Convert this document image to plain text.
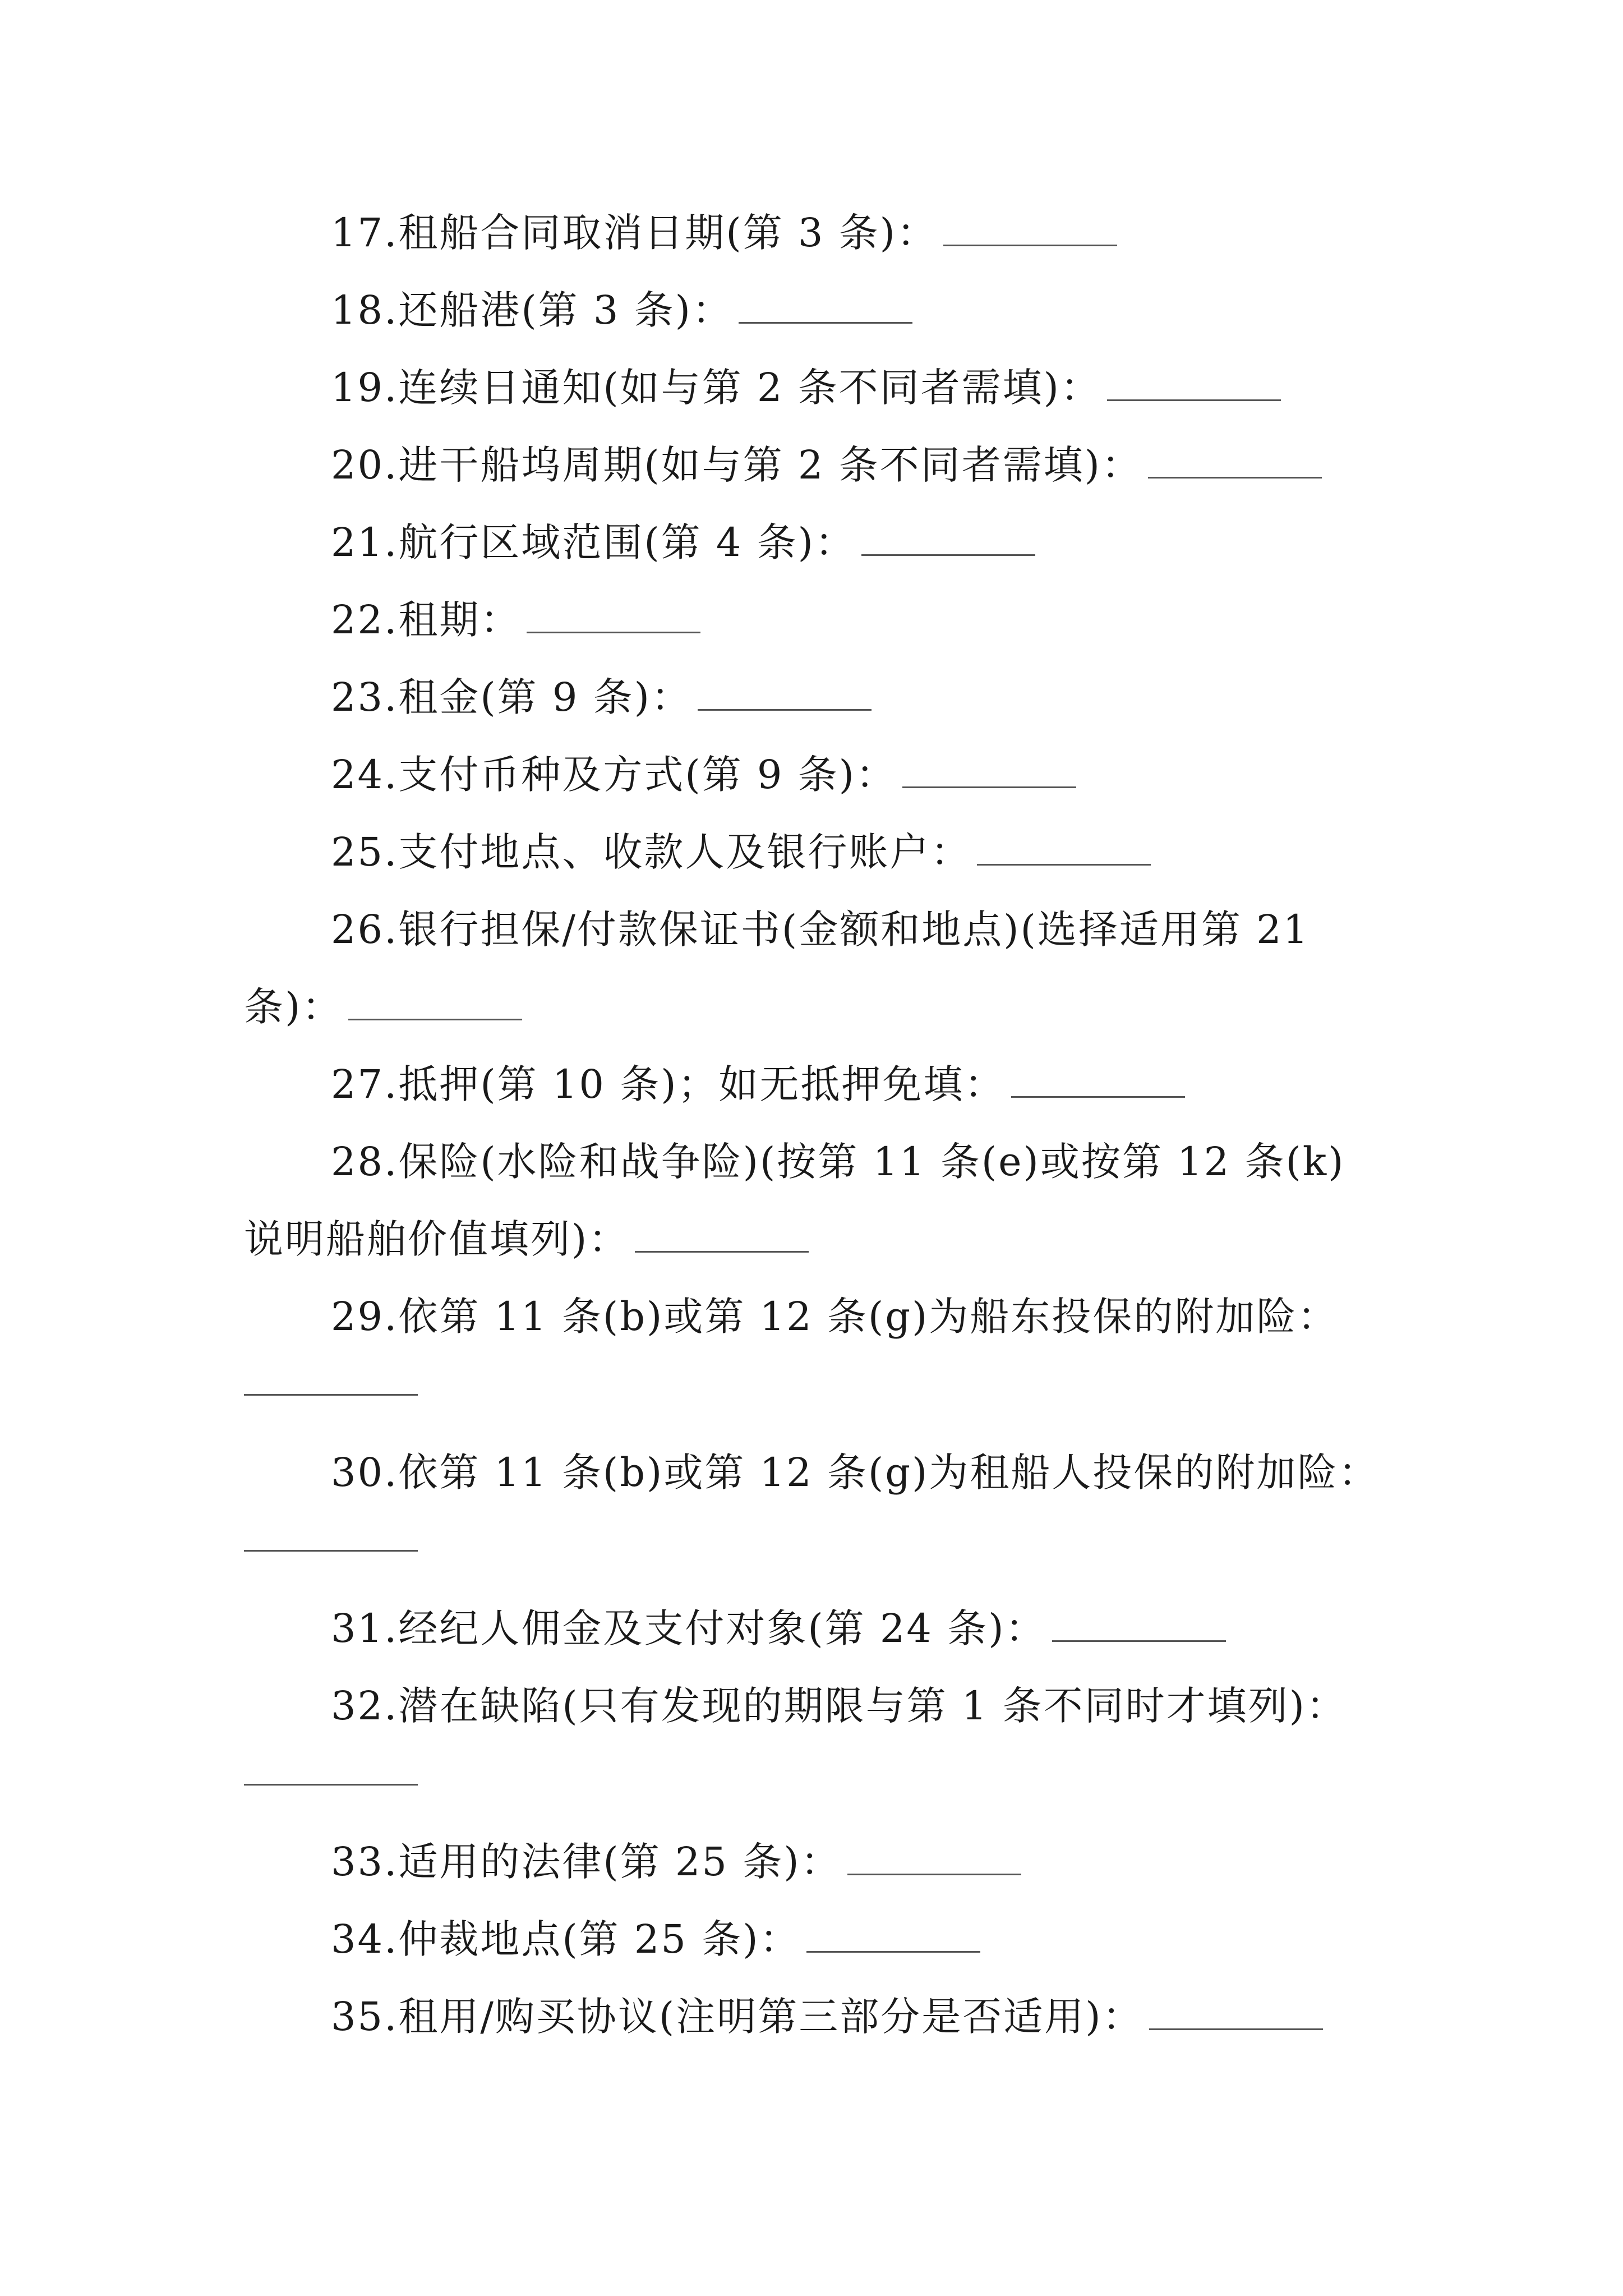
17.租船合同取消日期(第 3 条)：
18.还船港(第 3 条)：
19.连续日通知(如与第 2 条不同者需填)：
20.进干船坞周期(如与第 2 条不同者需填)：
21.航行区域范围(第 4 条)：
22.租期：
23.租金(第 9 条)：
24.支付币种及方式(第 9 条)：
25.支付地点、收款人及银行账户：
26.银行担保/付款保证书(金额和地点)(选择适用第 21
条)：
27.抵押(第 10 条)；如无抵押免填：
28.保险(水险和战争险)(按第 11 条(e)或按第 12 条(k)
说明船舶价值填列)：
29.依第 11 条(b)或第 12 条(g)为船东投保的附加险：
30.依第 11 条(b)或第 12 条(g)为租船人投保的附加险：
31.经纪人佣金及支付对象(第 24 条)：
32.潜在缺陷(只有发现的期限与第 1 条不同时才填列)：
33.适用的法律(第 25 条)：
34.仲裁地点(第 25 条)：
35.租用/购买协议(注明第三部分是否适用)：
